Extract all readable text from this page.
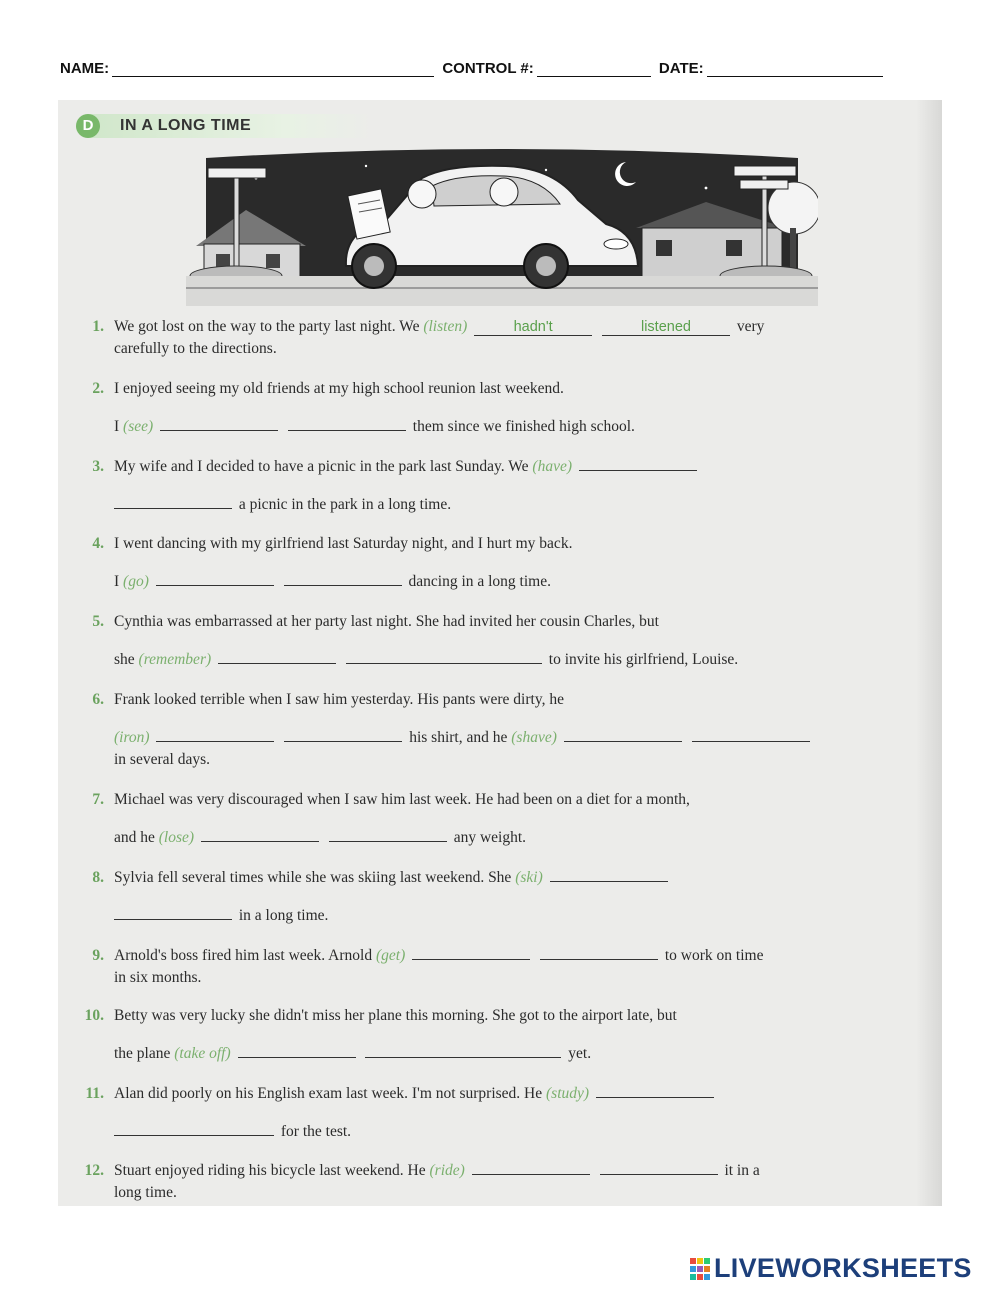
NAME:	CONTROL #:	DATE:
D	IN A LONG TIME
1. We got lost on the way to the party last night. We (listen)	hadn't	listened	very
carefully to the directions.
2. I enjoyed seeing my old friends at my high school reunion last weekend.
I (see)	them since we finished high school.
3. My wife and I decided to have a picnic in the park last Sunday. We (have)
a picnic in the park in a long time.
4. I went dancing with my girlfriend last Saturday night, and I hurt my back.
I (go)	dancing in a long time.
5. Cynthia was embarrassed at her party last night. She had invited her cousin Charles, but
she (remember)	to invite his girlfriend, Louise.
6. Frank looked terrible when I saw him yesterday. His pants were dirty, he
(iron)	his shirt, and he (shave)
in several days.
7. Michael was very discouraged when I saw him last week. He had been on a diet for a month,
and he (lose)	any weight.
8. Sylvia fell several times while she was skiing last weekend. She (ski)
in a long time.
9. Arnold's boss fired him last week. Arnold (get)	to work on time
in six months.
10. Betty was very lucky she didn't miss her plane this morning. She got to the airport late, but
the plane (take off)	yet.
11. Alan did poorly on his English exam last week. I'm not surprised. He (study)
for the test.
12. Stuart enjoyed riding his bicycle last weekend. He (ride)	it in a
long time.
LIVEWORKSHEETS
